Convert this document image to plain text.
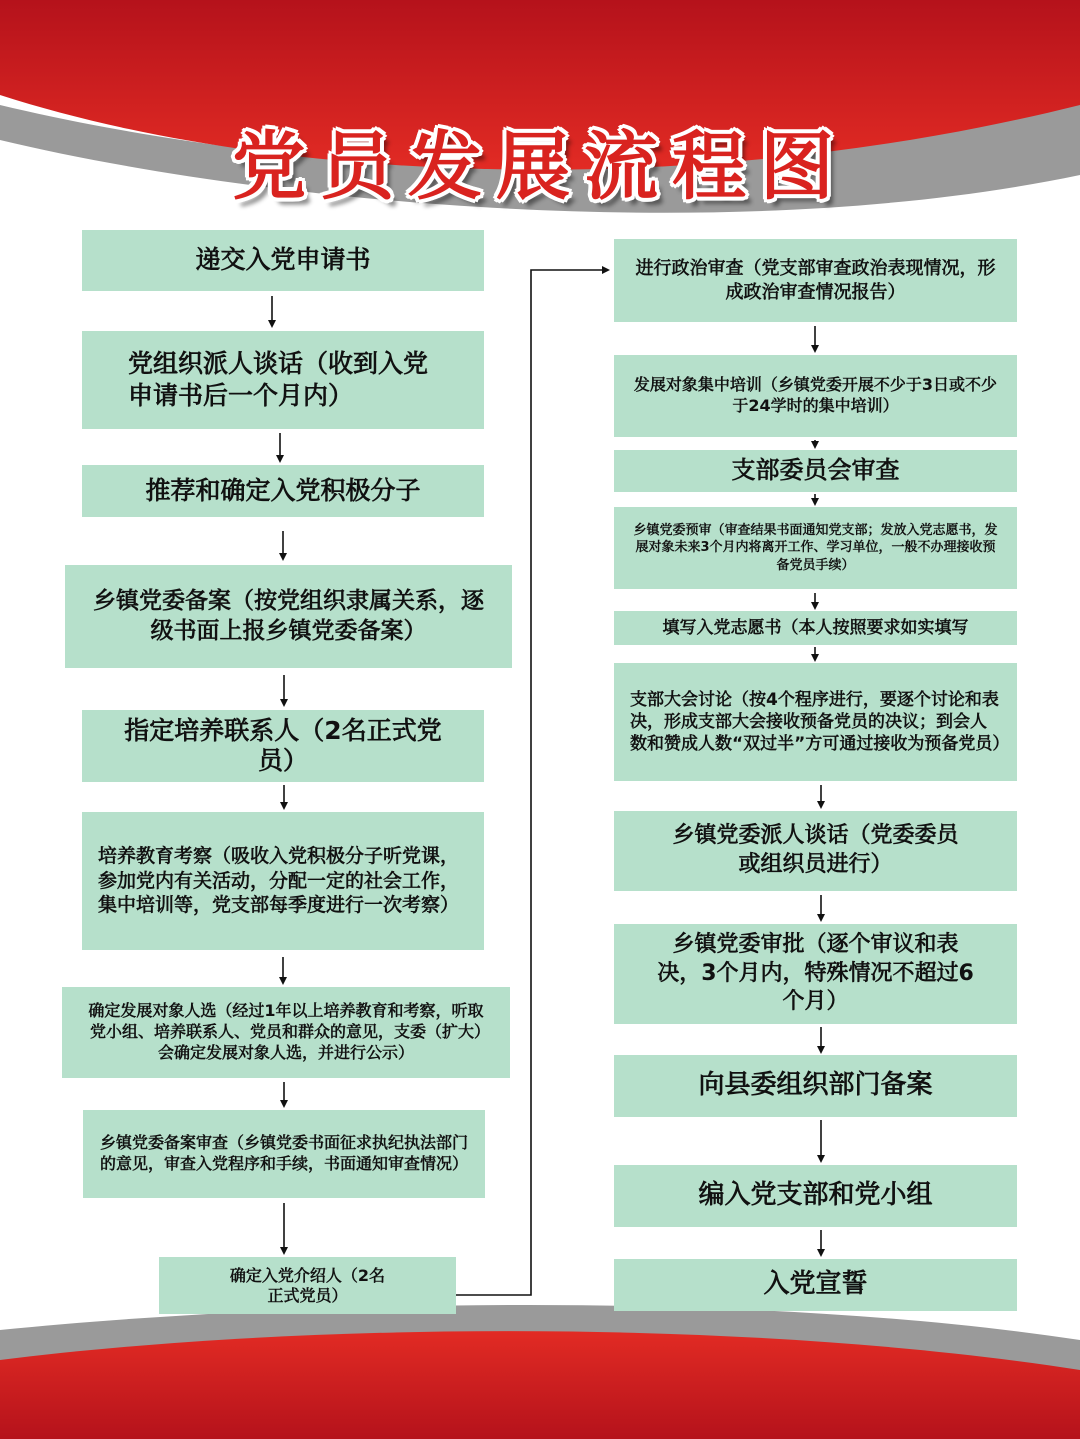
党员发展流程图
递交入党申请书
党组织派人谈话（收到入党申请书后一个月内）
推荐和确定入党积极分子
乡镇党委备案（按党组织隶属关系，逐级书面上报乡镇党委备案）
指定培养联系人（2名正式党员）
培养教育考察（吸收入党积极分子听党课，参加党内有关活动，分配一定的社会工作，集中培训等，党支部每季度进行一次考察）
确定发展对象人选（经过1年以上培养教育和考察，听取党小组、培养联系人、党员和群众的意见，支委（扩大）会确定发展对象人选，并进行公示）
乡镇党委备案审查（乡镇党委书面征求执纪执法部门的意见，审查入党程序和手续，书面通知审查情况）
确定入党介绍人（2名正式党员）
进行政治审查（党支部审查政治表现情况，形成政治审查情况报告）
发展对象集中培训（乡镇党委开展不少于3日或不少于24学时的集中培训）
支部委员会审查
乡镇党委预审（审查结果书面通知党支部；发放入党志愿书，发展对象未来3个月内将离开工作、学习单位，一般不办理接收预备党员手续）
填写入党志愿书（本人按照要求如实填写
支部大会讨论（按4个程序进行，要逐个讨论和表决，形成支部大会接收预备党员的决议；到会人数和赞成人数“双过半”方可通过接收为预备党员）
乡镇党委派人谈话（党委委员或组织员进行）
乡镇党委审批（逐个审议和表决，3个月内，特殊情况不超过6个月）
向县委组织部门备案
编入党支部和党小组
入党宣誓
